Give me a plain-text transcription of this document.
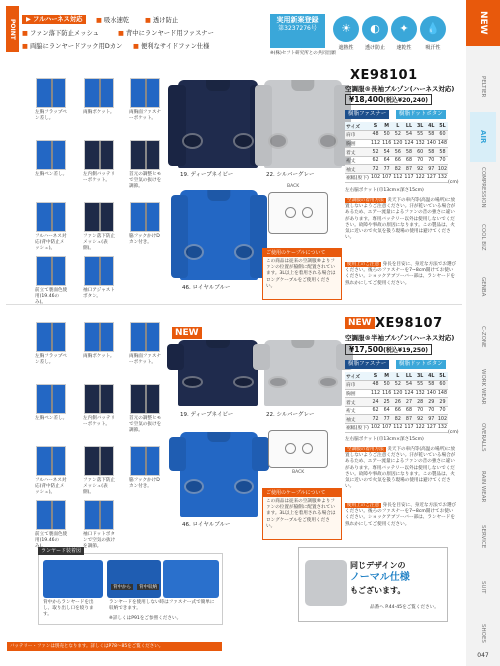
NEW
047
POINT	▶ フルハーネス対応	■ 吸水速乾	■ 透け防止
■ ファン落下防止メッシュ	■ 背中にランヤード用ファスナー
■ 両脇にランヤードフック用Dカン ■ 便利なサイドファン仕様
実用新案登録
第3237276号
※(株)セフト研究所との共同出願
19. ディープネイビー	22. シルバーグレー
46. ロイヤルブルー
BACK
ご使用のケーブルについて
この商品は従来の空調服®よりファンの位置が脇側に配置されています。3L以上を着用される場合はロングケーブルをご使用ください。
XE98101
空調服®長袖ブルゾン(ハーネス対応)
¥18,400(税込¥20,240)
樹脂ファスナー	樹脂ドットボタン
サイズ	S	M	L	LL	3L	4L	5L
肩巾	48	50	52	54	55	58	60
胸囲	112	116	120	124	132	140	148
着丈	52	54	56	58	60	58	58
裄丈	62	64	66	68	70	70	70
袖丈	72	77	82	87	92	97	102
裾幅(股下)	102	107	112	117	122	127	132
左右脇ポケット(巾13cm×深さ15cm)
(cm)
空調服の着用方法 炎天下の車内等(高温の場所)に放置しないようご注意ください。汗が乾いている場合があるため、エアー流量によるファンの音の強さに違いがあります。専用バッテリー以外は使用しないでください。故障や事故の原因になります。この製品は、火気に近いので火気を扱う現場の使用は避けてください。
使用上のご注意 身長を目安に、身近な方法でお選びください。後ろのファスナーを7~8cm開けてお使いください。ショックアブソーバー部は、ランヤードを熟れかにしてご使用ください。
NEW
19. ディープネイビー	22. シルバーグレー
46. ロイヤルブルー
BACK
ご使用のケーブルについて
この商品は従来の空調服®よりファンの位置が脇側に配置されています。3L以上を着用される場合はロングケーブルをご使用ください。
NEW XE98107
空調服®半袖ブルゾン(ハーネス対応)
¥17,500(税込¥19,250)
樹脂ファスナー	樹脂ドットボタン
サイズ	S	M	L	LL	3L	4L	5L
肩巾	48	50	52	54	55	58	60
胸囲	112	116	120	124	132	140	148
着丈	24	25	26	27	28	29	29
裄丈	62	64	66	68	70	70	70
袖丈	72	77	82	87	92	97	102
裾幅(股下)	102	107	112	117	122	127	132
左右脇ポケット(巾13cm×深さ15cm)
(cm)
空調服の着用方法 炎天下の車内等(高温の場所)に放置しないようご注意ください。汗が乾いている場合があるため、エアー流量によるファンの音の強さに違いがあります。専用バッテリー以外は使用しないでください。故障や事故の原因になります。この製品は、火気に近いので火気を扱う現場の使用は避けてください。
使用上のご注意 身長を目安に、身近な方法でお選びください。後ろのファスナーを7~8cm開けてお使いください。ショックアブソーバー部は、ランヤードを熟れかにしてご使用ください。
背中から	背中収納
背中からランヤードを出し、取り出し口を絞ります。
ランヤードを使用しない時はファスナー式で簡単に収納できます。
※詳しくはP91をご参照ください。
ランヤード装着図
同じデザインの
ノーマル仕様
もございます。
品番へ P.44-45をご覧ください。
バッテリー・ファンは別売となります。詳しくはP78～85をご覧ください。
PELTIER
AIR
COMPRESSION
COOL BIZ
GENBA
C-ZONE
WORK WEAR
OVERALLS
RAIN WEAR
SERVICE
SUIT
SHOES
☀
遮熱性
◐
透け防止
✦
速乾性
💧
吸汗性
左胸フラップペン差し。
両胸ポケット。	両胸面ファスナーポケット。
左胸ペン差し。	左内側バッテリーポケット。
首元の調整ヒモで空気の抜けを調節。
フルハーネス対応(背中防止メッシュ)。
ファン落下防止メッシュ(表側)。
脇フックかけDカン付き。
前立て裏面色使用(19.46のみ)。
袖口アジャストボタン。
左胸フラップペン差し。
両胸ポケット。	両胸面ファスナーポケット。
左胸ペン差し。	左内側バッテリーポケット。
首元の調整ヒモで空気の抜けを調節。
フルハーネス対応(背中防止メッシュ)。
ファン落下防止メッシュ(表側)。
脇フックかけDカン付き。
前立て裏面色使用(19.46のみ)。
袖口ドットボタンで空気の抜けを調節。
